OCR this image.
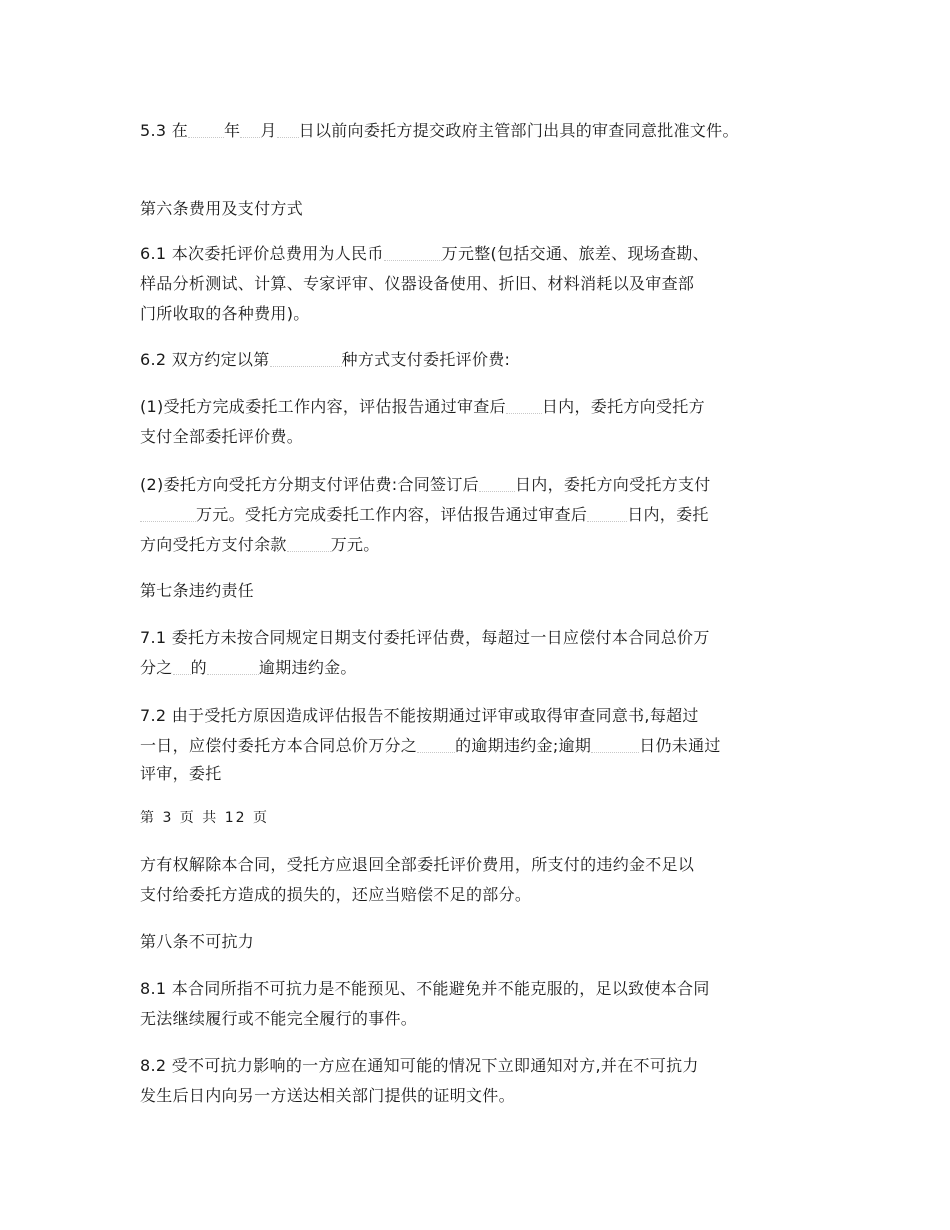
5.3 在 年 月 日以前向委托方提交政府主管部门出具的审查同意批准文件。
第六条费用及支付方式
6.1 本次委托评价总费用为人民币	万元整(包括交通、旅差、现场查勘、
样品分析测试、计算、专家评审、仪器设备使用、折旧、材料消耗以及审查部
门所收取的各种费用)。
6.2 双方约定以第	种方式支付委托评价费:
(1)受托方完成委托工作内容，评估报告通过审查后 日内，委托方向受托方
支付全部委托评价费。
(2)委托方向受托方分期支付评估费:合同签订后 日内，委托方向受托方支付
万元。受托方完成委托工作内容，评估报告通过审查后	日内，委托
方向受托方支付余款	万元。
第七条违约责任
7.1 委托方未按合同规定日期支付委托评估费，每超过一日应偿付本合同总价万
分之 的	逾期违约金。
7.2 由于受托方原因造成评估报告不能按期通过评审或取得审查同意书,每超过
一日，应偿付委托方本合同总价万分之 的逾期违约金;逾期	日仍未通过
评审，委托
第 3 页 共 12 页
方有权解除本合同，受托方应退回全部委托评价费用，所支付的违约金不足以
支付给委托方造成的损失的，还应当赔偿不足的部分。
第八条不可抗力
8.1 本合同所指不可抗力是不能预见、不能避免并不能克服的，足以致使本合同
无法继续履行或不能完全履行的事件。
8.2 受不可抗力影响的一方应在通知可能的情况下立即通知对方,并在不可抗力
发生后日内向另一方送达相关部门提供的证明文件。
